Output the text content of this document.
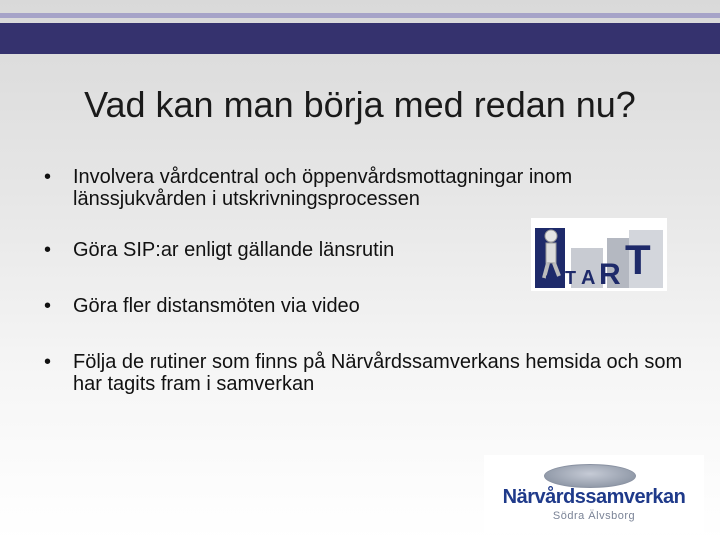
Vad kan man börja med redan nu?
• Involvera vårdcentral och öppenvårdsmottagningar inom länssjukvården i utskrivningsprocessen
• Göra SIP:ar enligt gällande länsrutin
• Göra fler distansmöten via video
• Följa de rutiner som finns på Närvårdssamverkans hemsida och som har tagits fram i samverkan
S T A R T
Närvårdssamverkan
Södra Älvsborg
